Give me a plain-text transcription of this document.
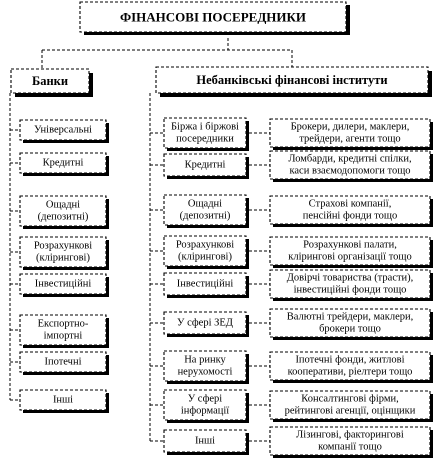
ФІНАНСОВІ ПОСЕРЕДНИКИ
Банки	Небанківські фінансові інститути
Універсальні
Кредитні
Ощадні
(депозитні)
Розрахункові
(клірингові)
Інвестиційні
Експортно-
імпортні
Іпотечні
Інші
Біржа і біржові
посередники
Брокери, дилери, маклери,
трейдери, агенти тощо
Кредитні
Ломбарди, кредитні спілки,
каси взаємодопомоги тощо
Ощадні
(депозитні)
Страхові компанії,
пенсійні фонди тощо
Розрахункові
(клірингові)
Розрахункові палати,
клірингові організації тощо
Інвестиційні
Довірчі товариства (трасти),
інвестиційні фонди тощо
У сфері ЗЕД
Валютні трейдери, маклери,
брокери тощо
На ринку
нерухомості
Іпотечні фонди, житлові
кооперативи, ріелтери тощо
У сфері
інформації
Консалтингові фірми,
рейтингові агенції, оцінщики
Інші
Лізингові, факторингові
компанії тощо
